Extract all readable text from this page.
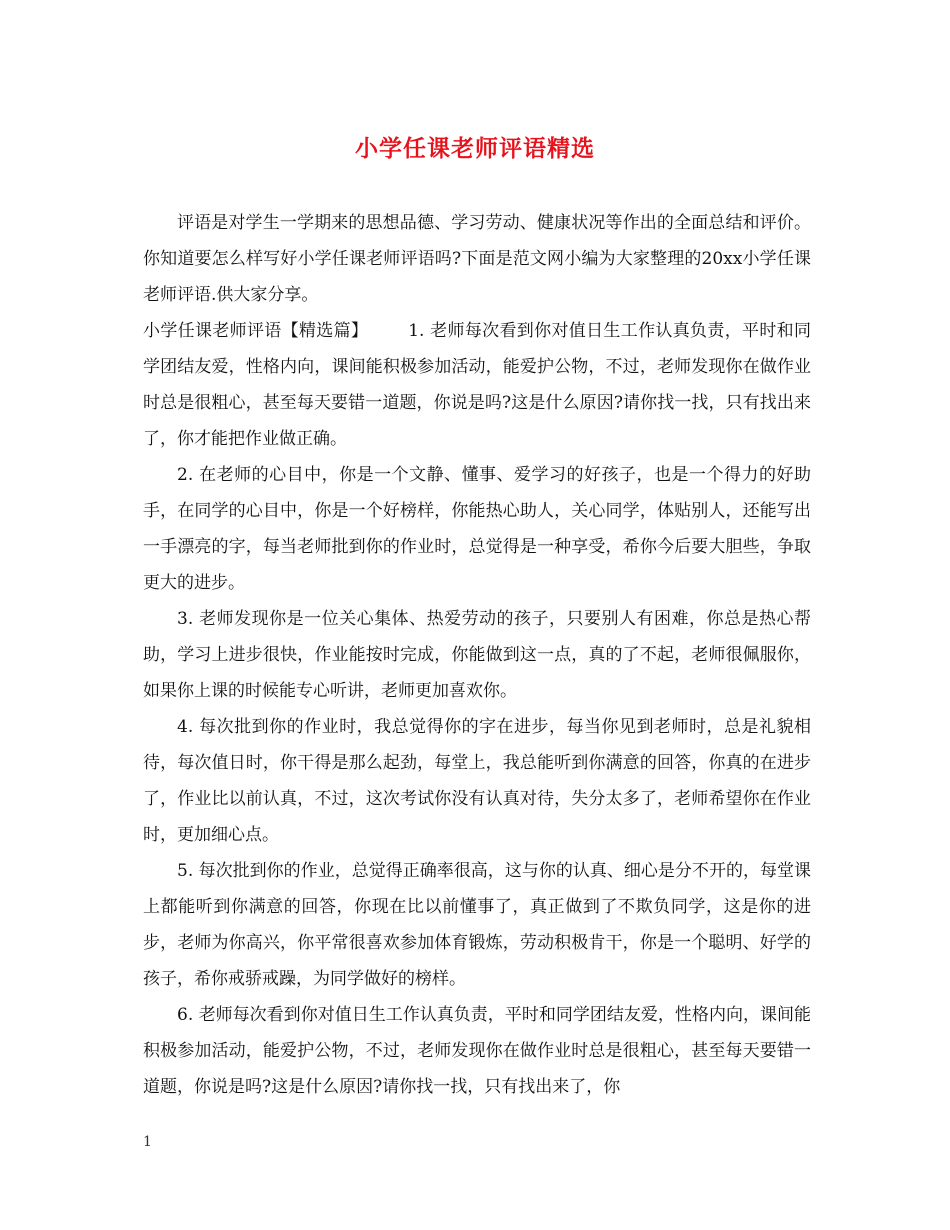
小学任课老师评语精选

评语是对学生一学期来的思想品德、学习劳动、健康状况等作出的全面总结和评价。你知道要怎么样写好小学任课老师评语吗?下面是范文网小编为大家整理的20xx小学任课老师评语.供大家分享。

小学任课老师评语【精选篇】 1. 老师每次看到你对值日生工作认真负责，平时和同学团结友爱，性格内向，课间能积极参加活动，能爱护公物，不过，老师发现你在做作业时总是很粗心，甚至每天要错一道题，你说是吗?这是什么原因?请你找一找，只有找出来了，你才能把作业做正确。

2. 在老师的心目中，你是一个文静、懂事、爱学习的好孩子，也是一个得力的好助手，在同学的心目中，你是一个好榜样，你能热心助人，关心同学，体贴别人，还能写出一手漂亮的字，每当老师批到你的作业时，总觉得是一种享受，希你今后要大胆些，争取更大的进步。

3. 老师发现你是一位关心集体、热爱劳动的孩子，只要别人有困难，你总是热心帮助，学习上进步很快，作业能按时完成，你能做到这一点，真的了不起，老师很佩服你，如果你上课的时候能专心听讲，老师更加喜欢你。

4. 每次批到你的作业时，我总觉得你的字在进步，每当你见到老师时，总是礼貌相待，每次值日时，你干得是那么起劲，每堂上，我总能听到你满意的回答，你真的在进步了，作业比以前认真，不过，这次考试你没有认真对待，失分太多了，老师希望你在作业时，更加细心点。

5. 每次批到你的作业，总觉得正确率很高，这与你的认真、细心是分不开的，每堂课上都能听到你满意的回答，你现在比以前懂事了，真正做到了不欺负同学，这是你的进步，老师为你高兴，你平常很喜欢参加体育锻炼，劳动积极肯干，你是一个聪明、好学的孩子，希你戒骄戒躁，为同学做好的榜样。

6. 老师每次看到你对值日生工作认真负责，平时和同学团结友爱，性格内向，课间能积极参加活动，能爱护公物，不过，老师发现你在做作业时总是很粗心，甚至每天要错一道题，你说是吗?这是什么原因?请你找一找，只有找出来了，你

1
